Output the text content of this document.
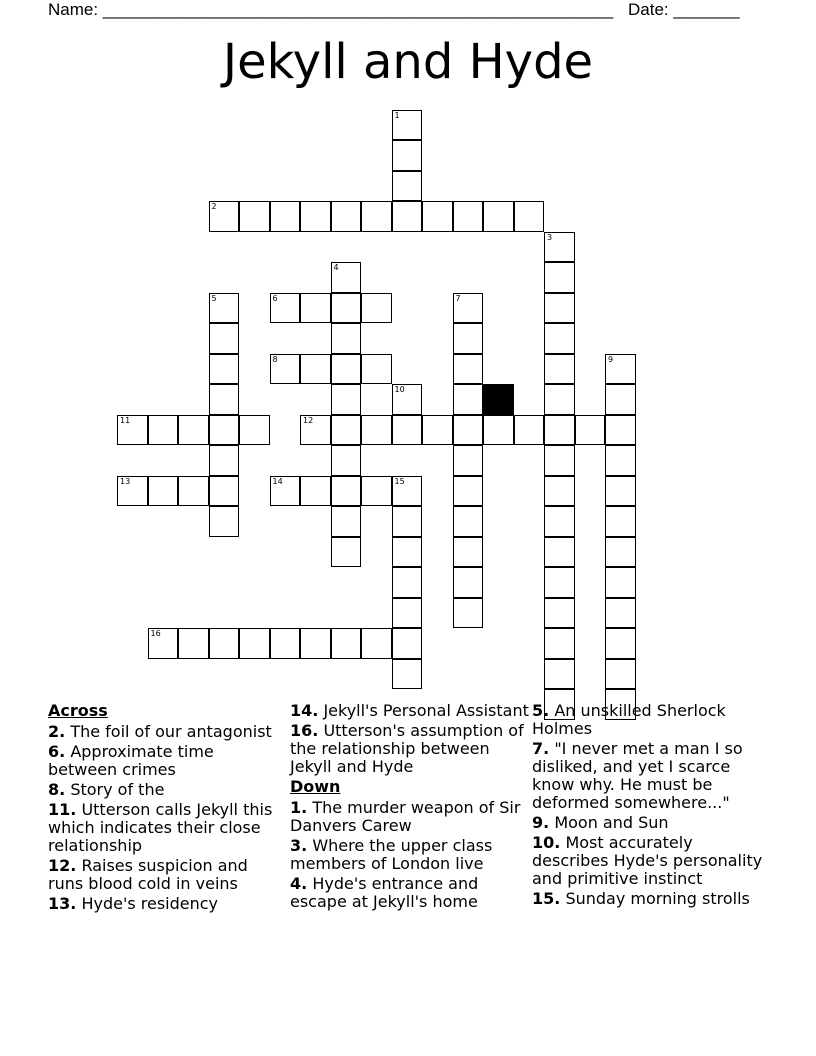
Name: ______________________________________________________ Date: _______
Jekyll and Hyde
1
2
3
4
5	6	7
8	9
10
11	12
13	14	15
16
Across
2. The foil of our antagonist
6. Approximate time between crimes
8. Story of the
11. Utterson calls Jekyll this which indicates their close relationship
12. Raises suspicion and runs blood cold in veins
13. Hyde's residency
14. Jekyll's Personal Assistant
16. Utterson's assumption of the relationship between Jekyll and Hyde
Down
1. The murder weapon of Sir Danvers Carew
3. Where the upper class members of London live
4. Hyde's entrance and escape at Jekyll's home
5. An unskilled Sherlock Holmes
7. "I never met a man I so disliked, and yet I scarce know why. He must be deformed somewhere..."
9. Moon and Sun
10. Most accurately describes Hyde's personality and primitive instinct
15. Sunday morning strolls
